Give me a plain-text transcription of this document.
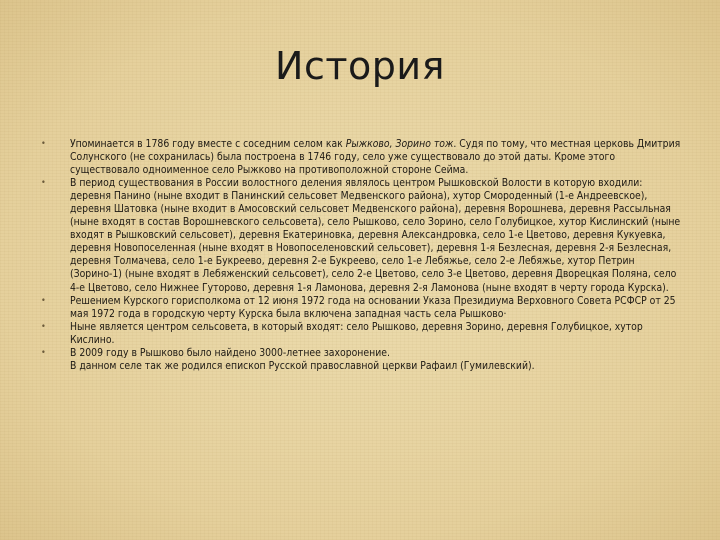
История
• Упоминается в 1786 году вместе с соседним селом как Рыжково, Зорино тож. Судя по тому, что местная церковь Дмитрия Солунского (не сохранилась) была построена в 1746 году, село уже существовало до этой даты. Кроме этого существовало одноименное село Рыжково на противоположной стороне Сейма.
• В период существования в России волостного деления являлось центром Рышковской Волости в которую входили: деревня Панино (ныне входит в Панинский сельсовет Медвенского района), хутор Смороденный (1-е Андреевское), деревня Шатовка (ныне входит в Амосовский сельсовет Медвенского района), деревня Ворошнева, деревня Рассыльная (ныне входят в состав Ворошневского сельсовета), село Рышково, село Зорино, село Голубицкое, хутор Кислинский (ныне входят в Рышковский сельсовет), деревня Екатериновка, деревня Александровка, село 1-е Цветово, деревня Кукуевка, деревня Новопоселенная (ныне входят в Новопоселеновский сельсовет), деревня 1-я Безлесная, деревня 2-я Безлесная, деревня Толмачева, село 1-е Букреево, деревня 2-е Букреево, село 1-е Лебяжье, село 2-е Лебяжье, хутор Петрин (Зорино-1) (ныне входят в Лебяженский сельсовет), село 2-е Цветово, село 3-е Цветово, деревня Дворецкая Поляна, село 4-е Цветово, село Нижнее Гуторово, деревня 1-я Ламонова, деревня 2-я Ламонова (ныне входят в черту города Курска).
• Решением Курского горисполкома от 12 июня 1972 года на основании Указа Президиума Верховного Совета РСФСР от 25 мая 1972 года в городскую черту Курска была включена западная часть села Рышково·
• Ныне является центром сельсовета, в который входят: село Рышково, деревня Зорино, деревня Голубицкое, хутор Кислино.
• В 2009 году в Рышково было найдено 3000-летнее захоронение.
В данном селе так же родился епископ Русской православной церкви Рафаил (Гумилевский).
